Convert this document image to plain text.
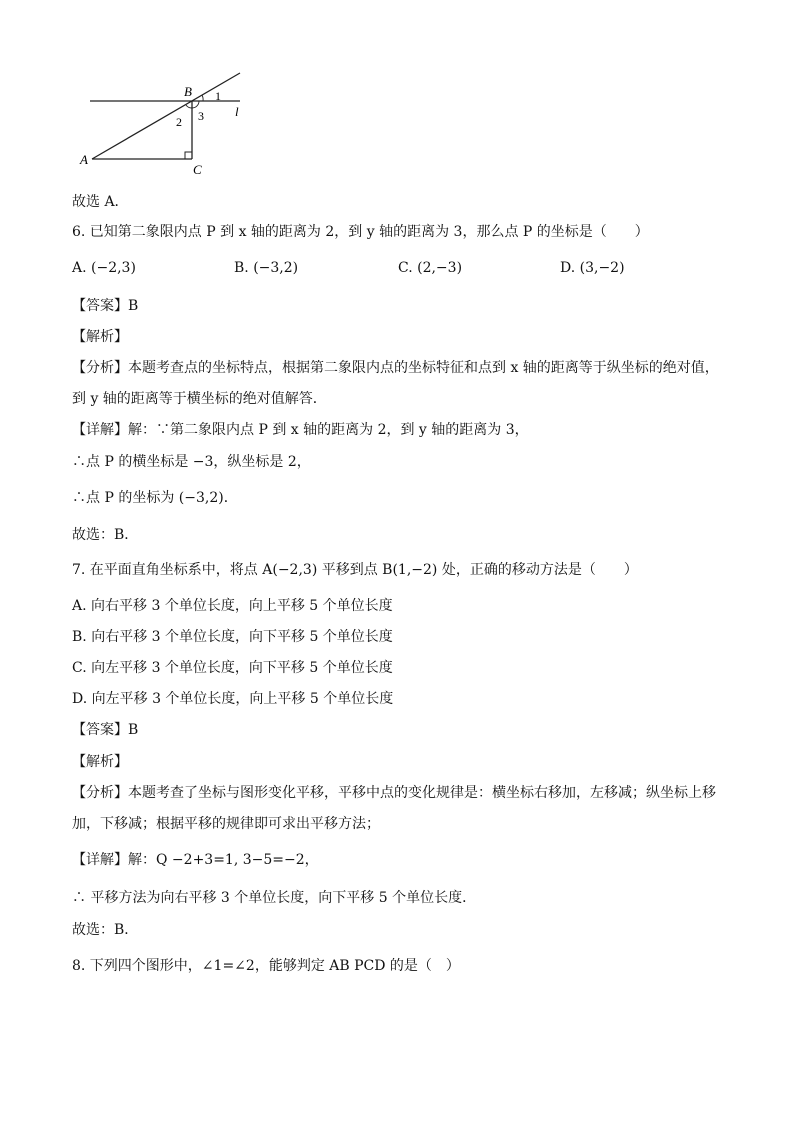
B
A
C
l
1
2 3
故选 A．
6. 已知第二象限内点 P 到 x 轴的距离为 2，到 y 轴的距离为 3，那么点 P 的坐标是（　　）
A. (−2,3)	B. (−3,2)	C. (2,−3)	D. (3,−2)
【答案】B
【解析】
【分析】本题考查点的坐标特点，根据第二象限内点的坐标特征和点到 x 轴的距离等于纵坐标的绝对值，
到 y 轴的距离等于横坐标的绝对值解答．
【详解】解：∵第二象限内点 P 到 x 轴的距离为 2，到 y 轴的距离为 3，
∴点 P 的横坐标是 −3，纵坐标是 2，
∴点 P 的坐标为 (−3,2)．
故选：B．
7. 在平面直角坐标系中，将点 A(−2,3) 平移到点 B(1,−2) 处，正确的移动方法是（　　）
A. 向右平移 3 个单位长度，向上平移 5 个单位长度
B. 向右平移 3 个单位长度，向下平移 5 个单位长度
C. 向左平移 3 个单位长度，向下平移 5 个单位长度
D. 向左平移 3 个单位长度，向上平移 5 个单位长度
【答案】B
【解析】
【分析】本题考查了坐标与图形变化平移，平移中点的变化规律是：横坐标右移加，左移减；纵坐标上移
加，下移减；根据平移的规律即可求出平移方法；
【详解】解：Q −2+3=1, 3−5=−2，
∴ 平移方法为向右平移 3 个单位长度，向下平移 5 个单位长度．
故选：B．
8. 下列四个图形中，∠1=∠2，能够判定 AB PCD 的是（　）
